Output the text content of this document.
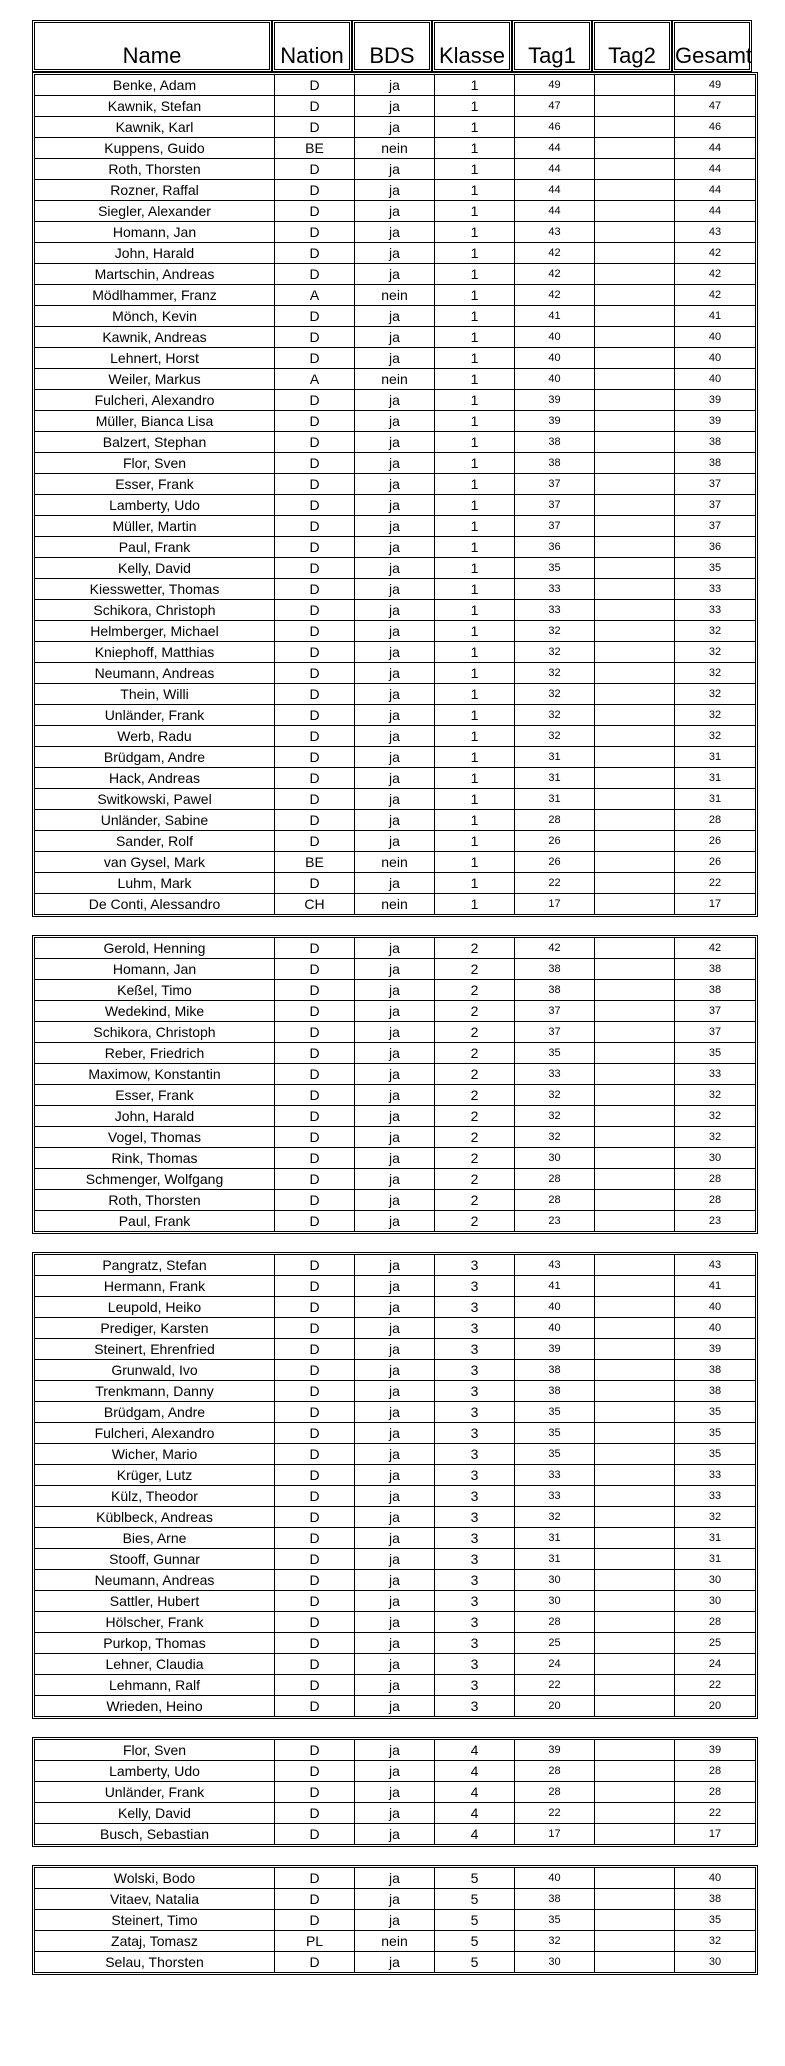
Name	Nation	BDS	Klasse	Tag1	Tag2	Gesamt
Benke, Adam	D	ja	1	49		49
Kawnik, Stefan	D	ja	1	47		47
Kawnik, Karl	D	ja	1	46		46
Kuppens, Guido	BE	nein	1	44		44
Roth, Thorsten	D	ja	1	44		44
Rozner, Raffal	D	ja	1	44		44
Siegler, Alexander	D	ja	1	44		44
Homann, Jan	D	ja	1	43		43
John, Harald	D	ja	1	42		42
Martschin, Andreas	D	ja	1	42		42
Mödlhammer, Franz	A	nein	1	42		42
Mönch, Kevin	D	ja	1	41		41
Kawnik, Andreas	D	ja	1	40		40
Lehnert, Horst	D	ja	1	40		40
Weiler, Markus	A	nein	1	40		40
Fulcheri, Alexandro	D	ja	1	39		39
Müller, Bianca Lisa	D	ja	1	39		39
Balzert, Stephan	D	ja	1	38		38
Flor, Sven	D	ja	1	38		38
Esser, Frank	D	ja	1	37		37
Lamberty, Udo	D	ja	1	37		37
Müller, Martin	D	ja	1	37		37
Paul, Frank	D	ja	1	36		36
Kelly, David	D	ja	1	35		35
Kiesswetter, Thomas	D	ja	1	33		33
Schikora, Christoph	D	ja	1	33		33
Helmberger, Michael	D	ja	1	32		32
Kniephoff, Matthias	D	ja	1	32		32
Neumann, Andreas	D	ja	1	32		32
Thein, Willi	D	ja	1	32		32
Unländer, Frank	D	ja	1	32		32
Werb, Radu	D	ja	1	32		32
Brüdgam, Andre	D	ja	1	31		31
Hack, Andreas	D	ja	1	31		31
Switkowski, Pawel	D	ja	1	31		31
Unländer, Sabine	D	ja	1	28		28
Sander, Rolf	D	ja	1	26		26
van Gysel, Mark	BE	nein	1	26		26
Luhm, Mark	D	ja	1	22		22
De Conti, Alessandro	CH	nein	1	17		17
Gerold, Henning	D	ja	2	42		42
Homann, Jan	D	ja	2	38		38
Keßel, Timo	D	ja	2	38		38
Wedekind, Mike	D	ja	2	37		37
Schikora, Christoph	D	ja	2	37		37
Reber, Friedrich	D	ja	2	35		35
Maximow, Konstantin	D	ja	2	33		33
Esser, Frank	D	ja	2	32		32
John, Harald	D	ja	2	32		32
Vogel, Thomas	D	ja	2	32		32
Rink, Thomas	D	ja	2	30		30
Schmenger, Wolfgang	D	ja	2	28		28
Roth, Thorsten	D	ja	2	28		28
Paul, Frank	D	ja	2	23		23
Pangratz, Stefan	D	ja	3	43		43
Hermann, Frank	D	ja	3	41		41
Leupold, Heiko	D	ja	3	40		40
Prediger, Karsten	D	ja	3	40		40
Steinert, Ehrenfried	D	ja	3	39		39
Grunwald, Ivo	D	ja	3	38		38
Trenkmann, Danny	D	ja	3	38		38
Brüdgam, Andre	D	ja	3	35		35
Fulcheri, Alexandro	D	ja	3	35		35
Wicher, Mario	D	ja	3	35		35
Krüger, Lutz	D	ja	3	33		33
Külz, Theodor	D	ja	3	33		33
Küblbeck, Andreas	D	ja	3	32		32
Bies, Arne	D	ja	3	31		31
Stooff, Gunnar	D	ja	3	31		31
Neumann, Andreas	D	ja	3	30		30
Sattler, Hubert	D	ja	3	30		30
Hölscher, Frank	D	ja	3	28		28
Purkop, Thomas	D	ja	3	25		25
Lehner, Claudia	D	ja	3	24		24
Lehmann, Ralf	D	ja	3	22		22
Wrieden, Heino	D	ja	3	20		20
Flor, Sven	D	ja	4	39		39
Lamberty, Udo	D	ja	4	28		28
Unländer, Frank	D	ja	4	28		28
Kelly, David	D	ja	4	22		22
Busch, Sebastian	D	ja	4	17		17
Wolski, Bodo	D	ja	5	40		40
Vitaev, Natalia	D	ja	5	38		38
Steinert, Timo	D	ja	5	35		35
Zataj, Tomasz	PL	nein	5	32		32
Selau, Thorsten	D	ja	5	30		30
